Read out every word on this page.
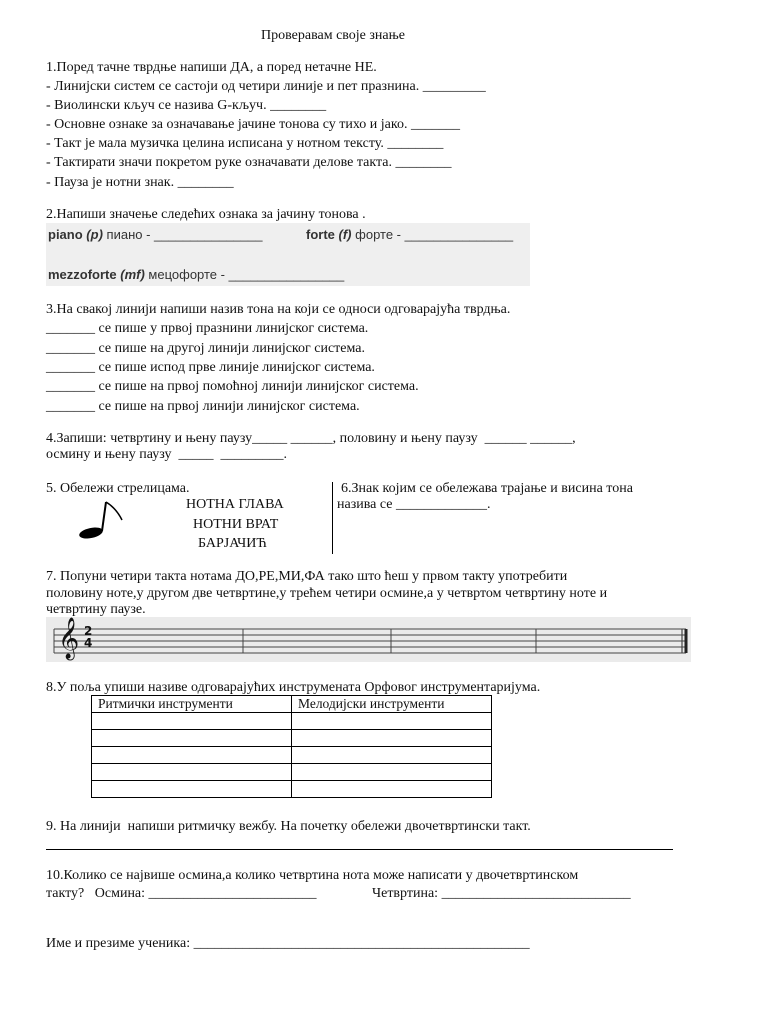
Проверавам своје знање
1.Поред тачне тврдње напиши ДА, а поред нетачне НЕ.
- Линијски систем се састоји од четири линије и пет празнина. _________
- Виолински кључ се назива G-кључ. ________
- Основне ознаке за означавање јачине тонова су тихо и јако. _______
- Такт је мала музичка целина исписана у нотном тексту. ________
- Тактирати значи покретом руке означавати делове такта. ________
- Пауза је нотни знак. ________
2.Напиши значење следећих ознака за јачину тонова .
piano (p) пиано - _______________	forte (f) форте - _______________
mezzoforte (mf) мецофорте - ________________
3.На свакој линији напиши назив тона на који се односи одговарајућа тврдња.
_______ се пише у првој празнини линијског система.
_______ се пише на другој линији линијског система.
_______ се пише испод прве линије линијског система.
_______ се пише на првој помоћној линији линијског система.
_______ се пише на првој линији линијског система.
4.Запиши: четвртину и њену паузу_____ ______, половину и њену паузу  ______ ______,
осмину и њену паузу  _____  _________.
5. Обележи стрелицама.
НОТНА ГЛАВА
НОТНИ ВРАТ
БАРЈАЧИЋ
6.Знак којим се обележава трајање и висина тона
назива се _____________.
7. Попуни четири такта нотама ДО,РЕ,МИ,ФА тако што ћеш у првом такту употребити
половину ноте,у другом две четвртине,у трећем четири осмине,а у четвртом четвртину ноте и
четвртину паузе.
𝄞 2
4
8.У поља упиши називе одговарајућих инструмената Орфовог инструментаријума.
Ритмички инструменти	Мелодијски инструменти

9. На линији  напиши ритмичку вежбу. На почетку обележи двочетвртински такт.
10.Колико се највише осмина,а колико четвртина нота може написати у двочетвртинском
такту?   Осмина: ________________________	Четвртина: ___________________________
Име и презиме ученика: ________________________________________________
